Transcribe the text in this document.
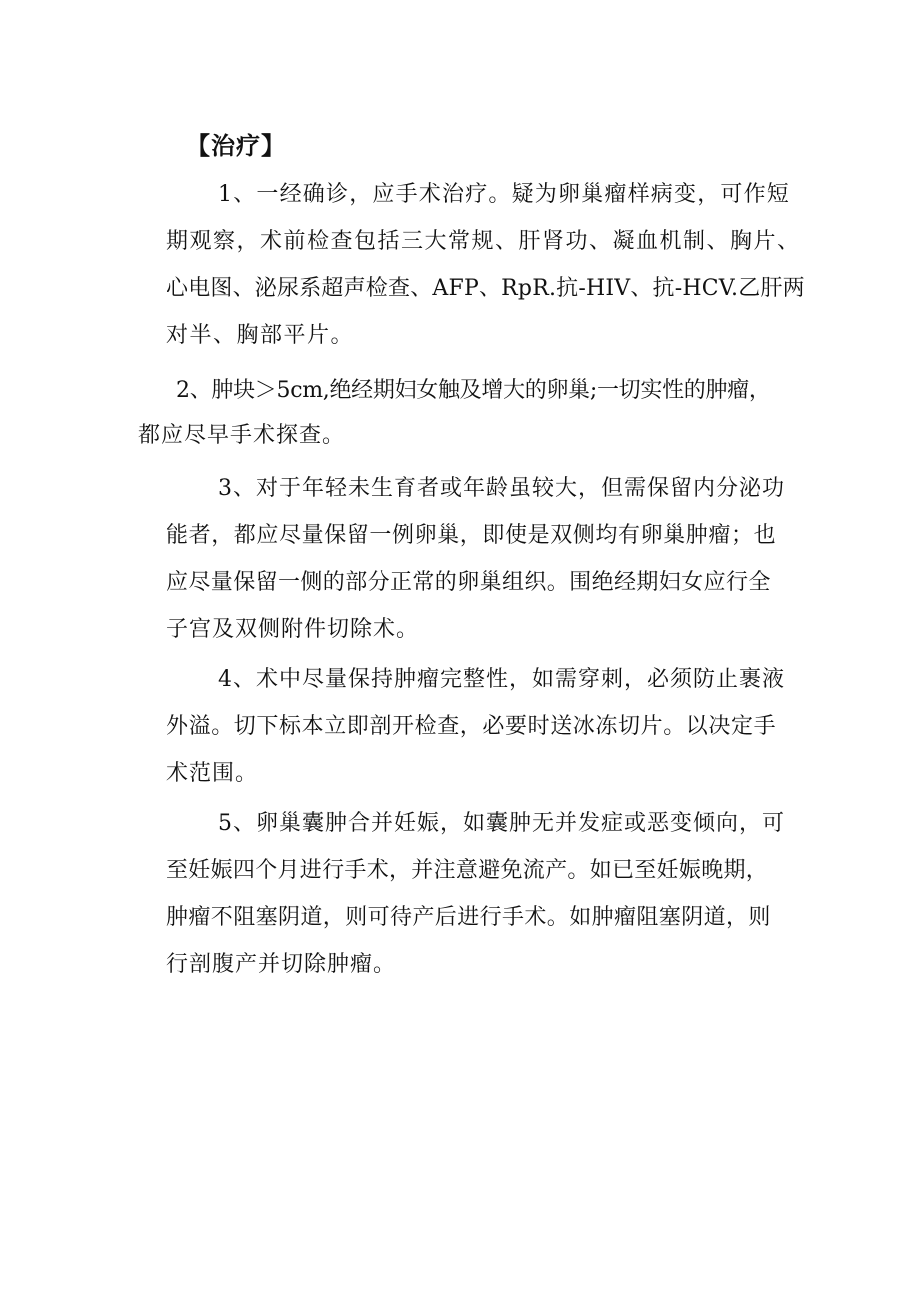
【治疗】
1、一经确诊，应手术治疗。疑为卵巢瘤样病变，可作短
期观察，术前检查包括三大常规、肝肾功、凝血机制、胸片、
心电图、泌尿系超声检查、AFP、RpR.抗-HIV、抗-HCV.乙肝两
对半、胸部平片。
2、肿块＞5cm,绝经期妇女触及增大的卵巢;一切实性的肿瘤，
都应尽早手术探查。
3、对于年轻未生育者或年龄虽较大，但需保留内分泌功
能者，都应尽量保留一例卵巢，即使是双侧均有卵巢肿瘤；也
应尽量保留一侧的部分正常的卵巢组织。围绝经期妇女应行全
子宫及双侧附件切除术。
4、术中尽量保持肿瘤完整性，如需穿刺，必须防止裹液
外溢。切下标本立即剖开检查，必要时送冰冻切片。以决定手
术范围。
5、卵巢囊肿合并妊娠，如囊肿无并发症或恶变倾向，可
至妊娠四个月进行手术，并注意避免流产。如已至妊娠晚期，
肿瘤不阻塞阴道，则可待产后进行手术。如肿瘤阻塞阴道，则
行剖腹产并切除肿瘤。
